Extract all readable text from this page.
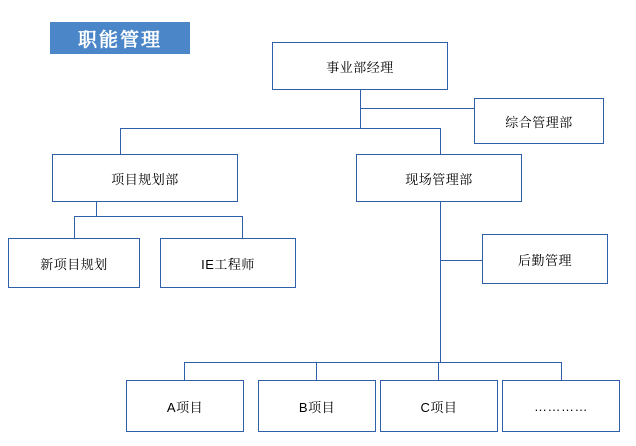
职能管理
事业部经理
综合管理部
项目规划部	现场管理部
新项目规划	IE工程师	后勤管理
A项目	B项目	C项目	…………
